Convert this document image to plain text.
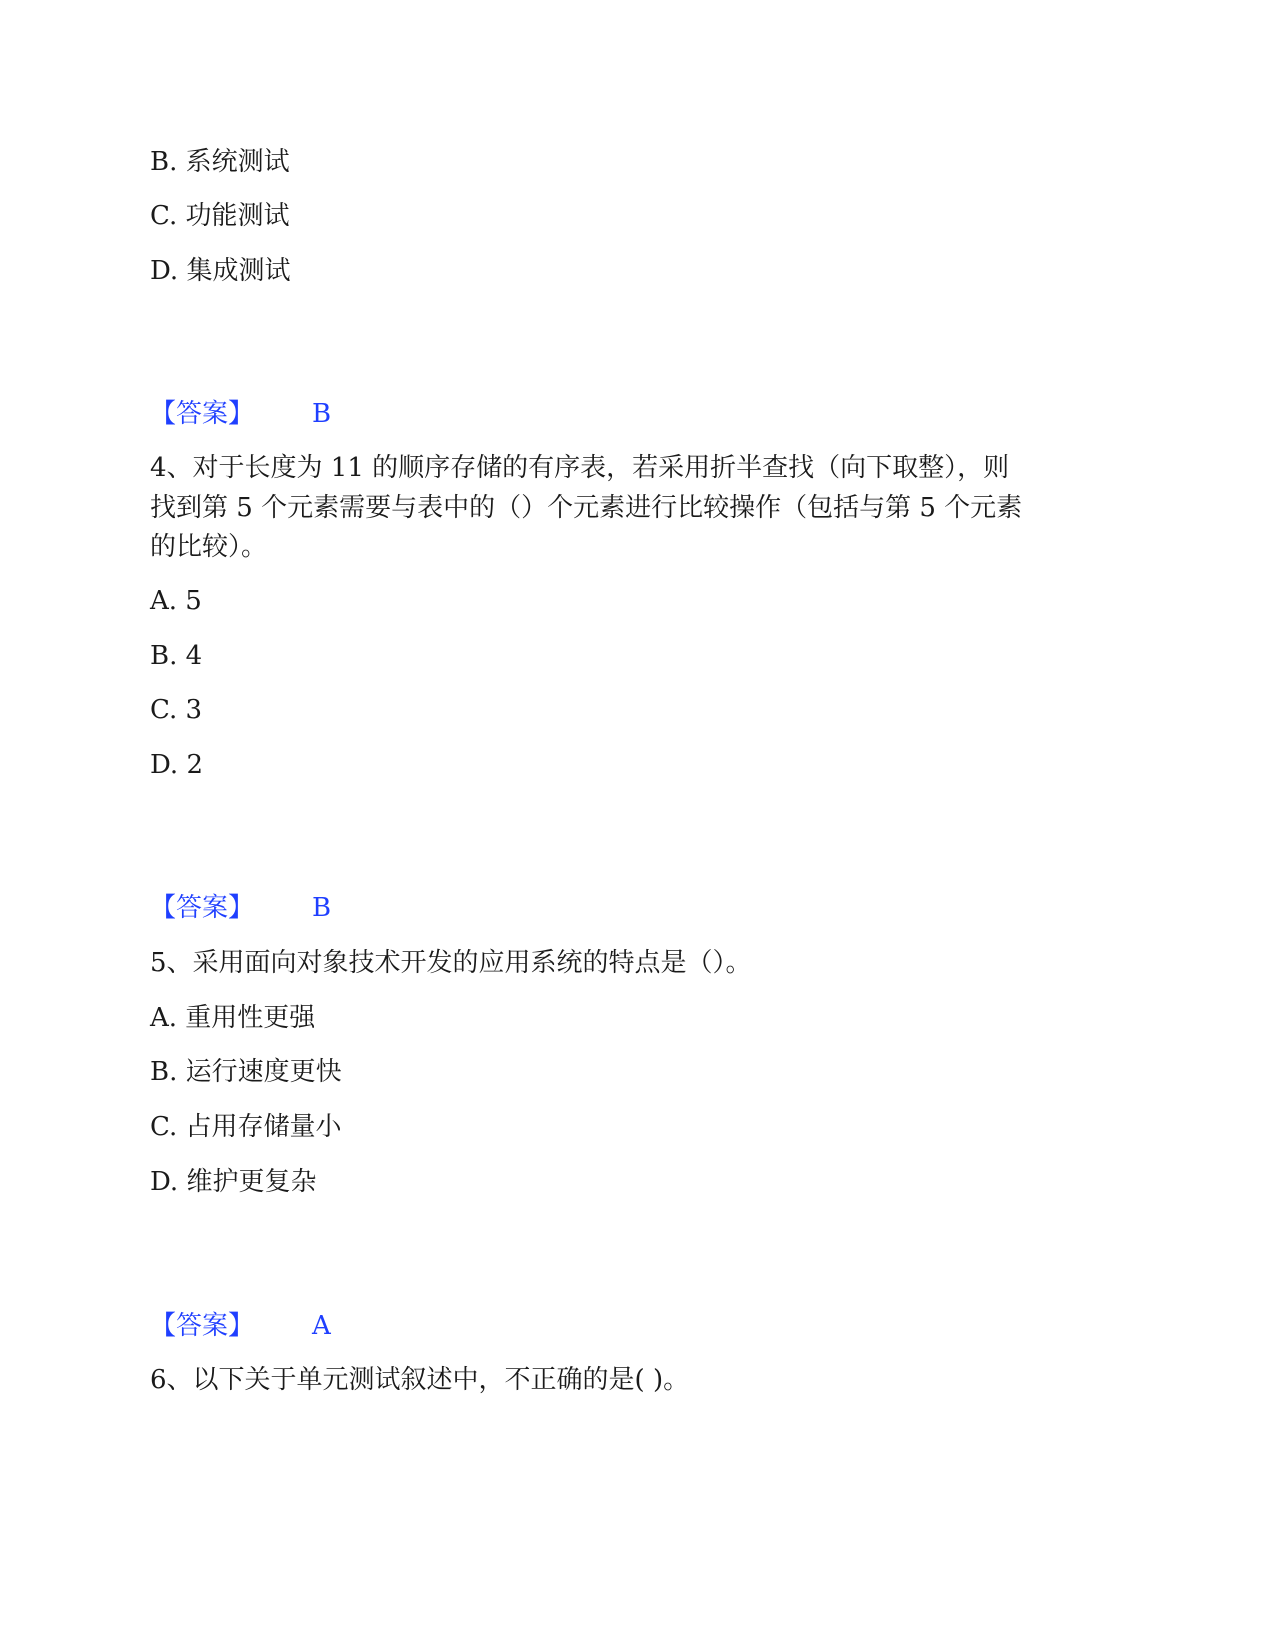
B. 系统测试
C. 功能测试
D. 集成测试
【答案】 B
4、对于长度为 11 的顺序存储的有序表，若采用折半查找（向下取整），则
找到第 5 个元素需要与表中的（）个元素进行比较操作（包括与第 5 个元素
的比较）。
A. 5
B. 4
C. 3
D. 2
【答案】 B
5、采用面向对象技术开发的应用系统的特点是（）。
A. 重用性更强
B. 运行速度更快
C. 占用存储量小
D. 维护更复杂
【答案】 A
6、以下关于单元测试叙述中，不正确的是( )。
